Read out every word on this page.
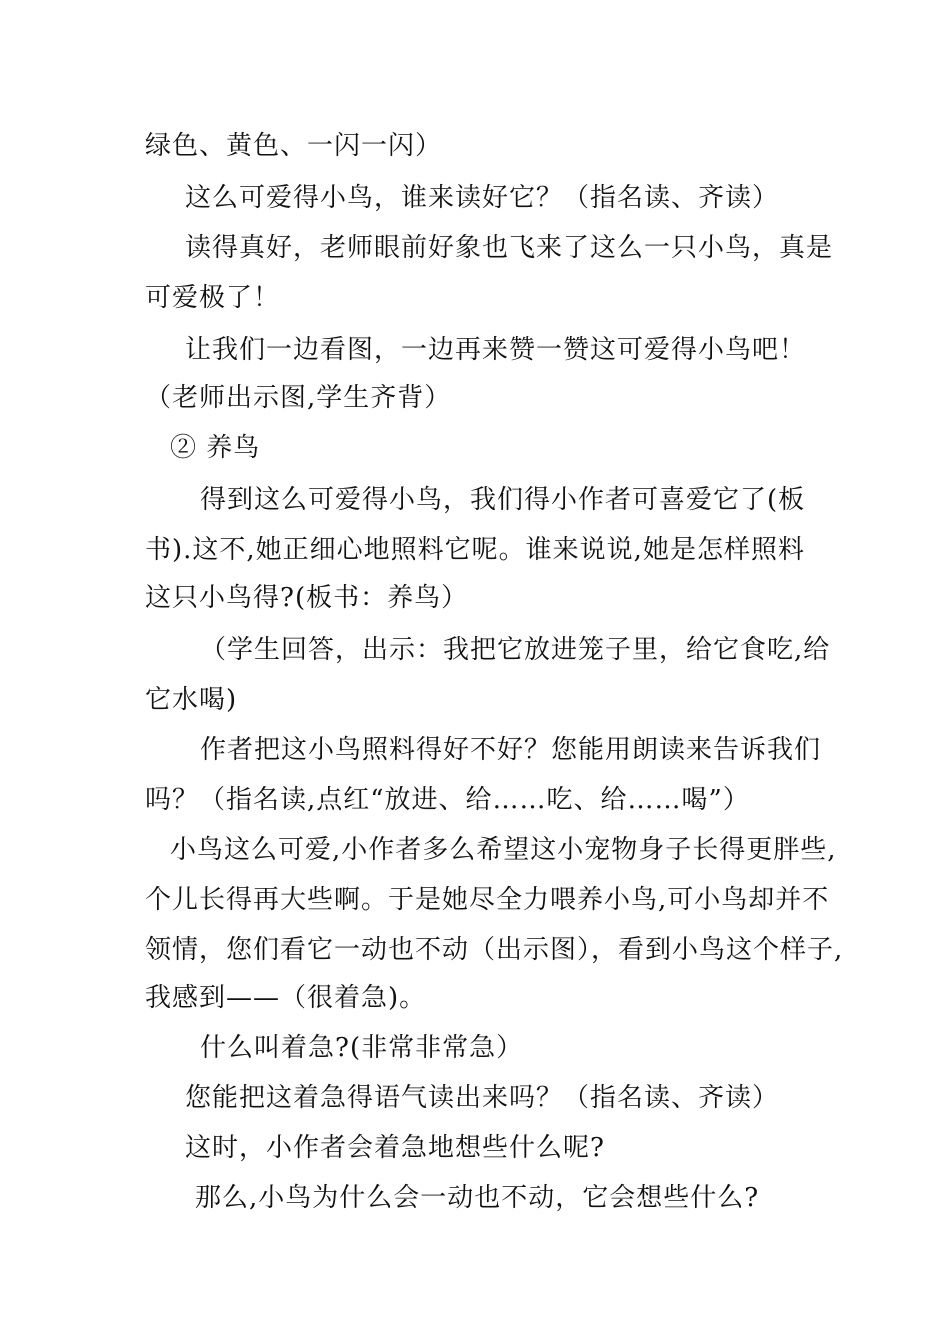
绿色、黄色、一闪一闪）
这么可爱得小鸟，谁来读好它？（指名读、齐读）
读得真好，老师眼前好象也飞来了这么一只小鸟，真是
可爱极了！
让我们一边看图，一边再来赞一赞这可爱得小鸟吧！
（老师出示图,学生齐背）
② 养鸟
得到这么可爱得小鸟，我们得小作者可喜爱它了(板
书).这不,她正细心地照料它呢。谁来说说,她是怎样照料
这只小鸟得?(板书：养鸟）
（学生回答，出示：我把它放进笼子里，给它食吃,给
它水喝)
作者把这小鸟照料得好不好？您能用朗读来告诉我们
吗？（指名读,点红“放进、给……吃、给……喝”）
小鸟这么可爱,小作者多么希望这小宠物身子长得更胖些,
个儿长得再大些啊。于是她尽全力喂养小鸟,可小鸟却并不
领情，您们看它一动也不动（出示图），看到小鸟这个样子,
我感到——（很着急)。
什么叫着急?(非常非常急）
您能把这着急得语气读出来吗？（指名读、齐读）
这时，小作者会着急地想些什么呢?
那么,小鸟为什么会一动也不动，它会想些什么?
